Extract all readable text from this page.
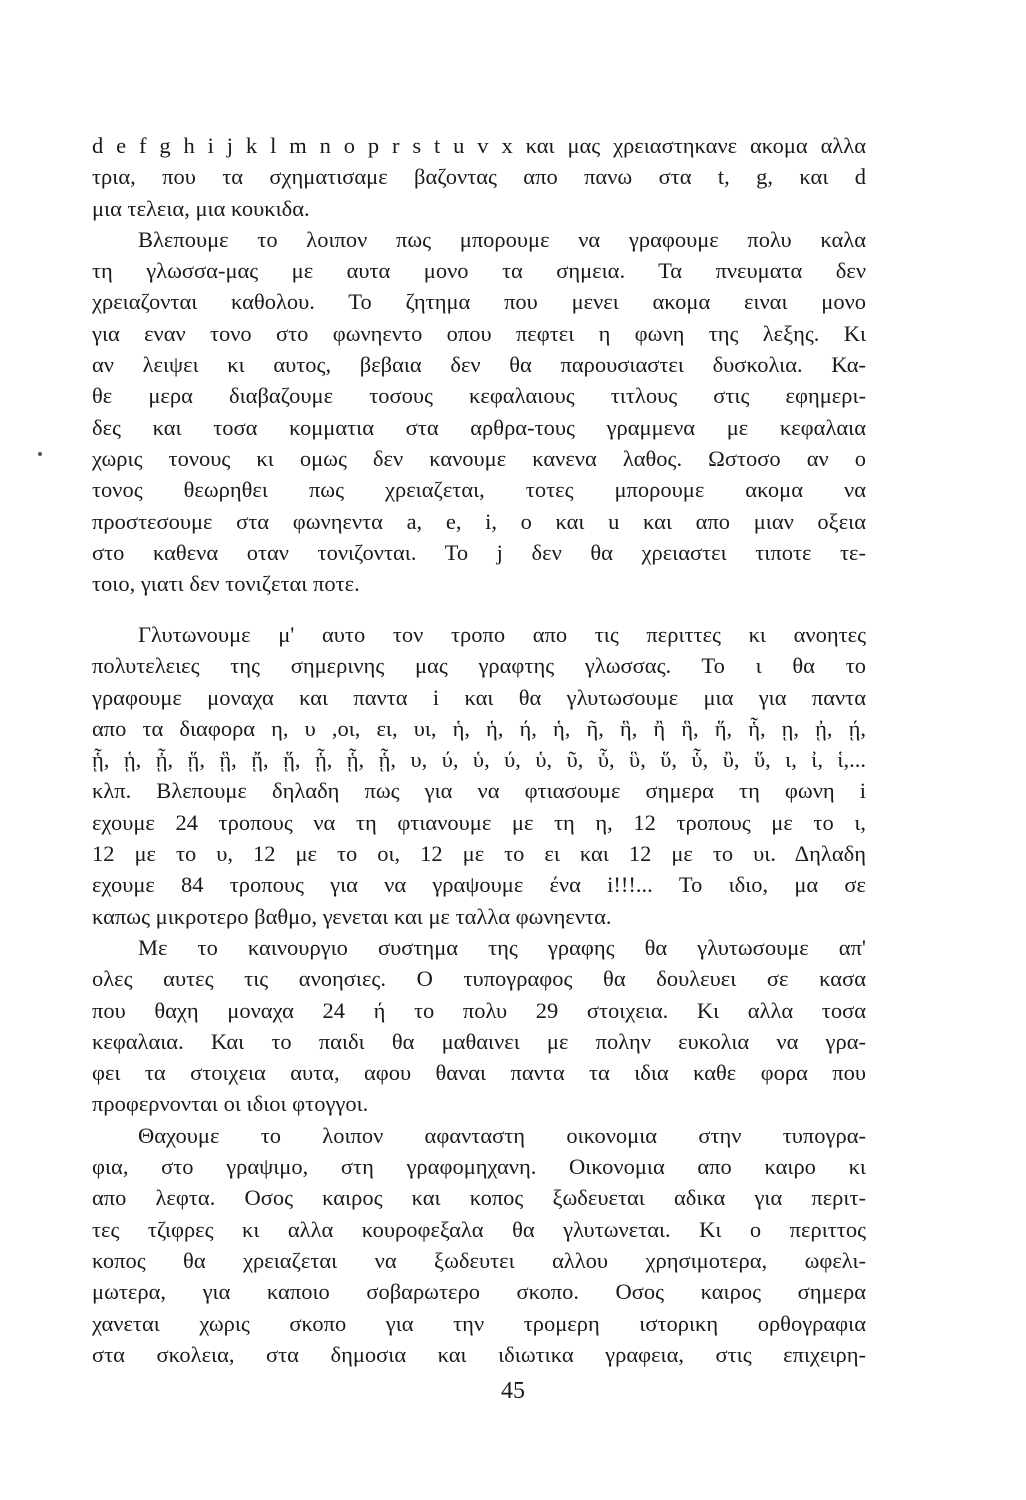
d e f g h i j k l m n o p r s t u v x και μας χρειαστηκανε ακομα αλλα
τρια, που τα σχηματισαμε βαζοντας απο πανω στα t, g, και d
μια τελεια, μια κουκιδα.
Βλεπουμε το λοιπον πως μπορουμε να γραφουμε πολυ καλα
τη γλωσσα-μας με αυτα μονο τα σημεια. Τα πνευματα δεν
χρειαζονται καθολου. Το ζητημα που μενει ακομα ειναι μονο
για εναν τονο στο φωνηεντο οπου πεφτει η φωνη της λεξης. Κι
αν λειψει κι αυτος, βεβαια δεν θα παρουσιαστει δυσκολια. Κα-
θε μερα διαβαζουμε τοσους κεφαλαιους τιτλους στις εφημερι-
δες και τοσα κομματια στα αρθρα-τους γραμμενα με κεφαλαια
χωρις τονους κι ομως δεν κανουμε κανενα λαθος. Ωστοσο αν ο
τονος θεωρηθει πως χρειαζεται, τοτες μπορουμε ακομα να
προστεσουμε στα φωνηεντα a, e, i, o και u και απο μιαν οξεια
στο καθενα οταν τονιζονται. Το j δεν θα χρειαστει τιποτε τε-
τοιο, γιατι δεν τονιζεται ποτε.
Γλυτωνουμε μ' αυτο τον τροπο απο τις περιττες κι ανοητες
πολυτελειες της σημερινης μας γραφτης γλωσσας. Το ι θα το
γραφουμε μοναχα και παντα i και θα γλυτωσουμε μια για παντα
απο τα διαφορα η, υ ,οι, ει, υι, ἡ, ἡ, ή, ἡ, ῆ, ἣ, ἢ ἣ, ἥ, ἧ, ῃ, ᾐ, ῄ,
ᾗ, ᾑ, ᾖ, ᾕ, ᾓ, ᾔ, ᾕ, ᾗ, ᾗ, ᾗ, υ, ύ, ὑ, ύ, ὑ, ῦ, ὗ, ὓ, ὕ, ὗ, ὒ, ὕ, ι, ἰ, ἱ,...
κλπ. Βλεπουμε δηλαδη πως για να φτιασουμε σημερα τη φωνη i
εχουμε 24 τροπους να τη φτιανουμε με τη η, 12 τροπους με το ι,
12 με το υ, 12 με το οι, 12 με το ει και 12 με το υι. Δηλαδη
εχουμε 84 τροπους για να γραψουμε ένα i!!!... Το ιδιο, μα σε
καπως μικροτερο βαθμο, γενεται και με ταλλα φωνηεντα.
Με το καινουργιο συστημα της γραφης θα γλυτωσουμε απ'
ολες αυτες τις ανοησιες. Ο τυπογραφος θα δουλευει σε κασα
που θαχη μοναχα 24 ή το πολυ 29 στοιχεια. Κι αλλα τοσα
κεφαλαια. Και το παιδι θα μαθαινει με πολην ευκολια να γρα-
φει τα στοιχεια αυτα, αφου θαναι παντα τα ιδια καθε φορα που
προφερνονται οι ιδιοι φτογγοι.
Θαχουμε το λοιπον αφανταστη οικονομια στην τυπογρα-
φια, στο γραψιμο, στη γραφομηχανη. Οικονομια απο καιρο κι
απο λεφτα. Οσος καιρος και κοπος ξωδευεται αδικα για περιτ-
τες τζιφρες κι αλλα κουροφεξαλα θα γλυτωνεται. Κι ο περιττος
κοπος θα χρειαζεται να ξωδευτει αλλου χρησιμοτερα, ωφελι-
μωτερα, για καποιο σοβαρωτερο σκοπο. Οσος καιρος σημερα
χανεται χωρις σκοπο για την τρομερη ιστορικη ορθογραφια
στα σκολεια, στα δημοσια και ιδιωτικα γραφεια, στις επιχειρη-
45
